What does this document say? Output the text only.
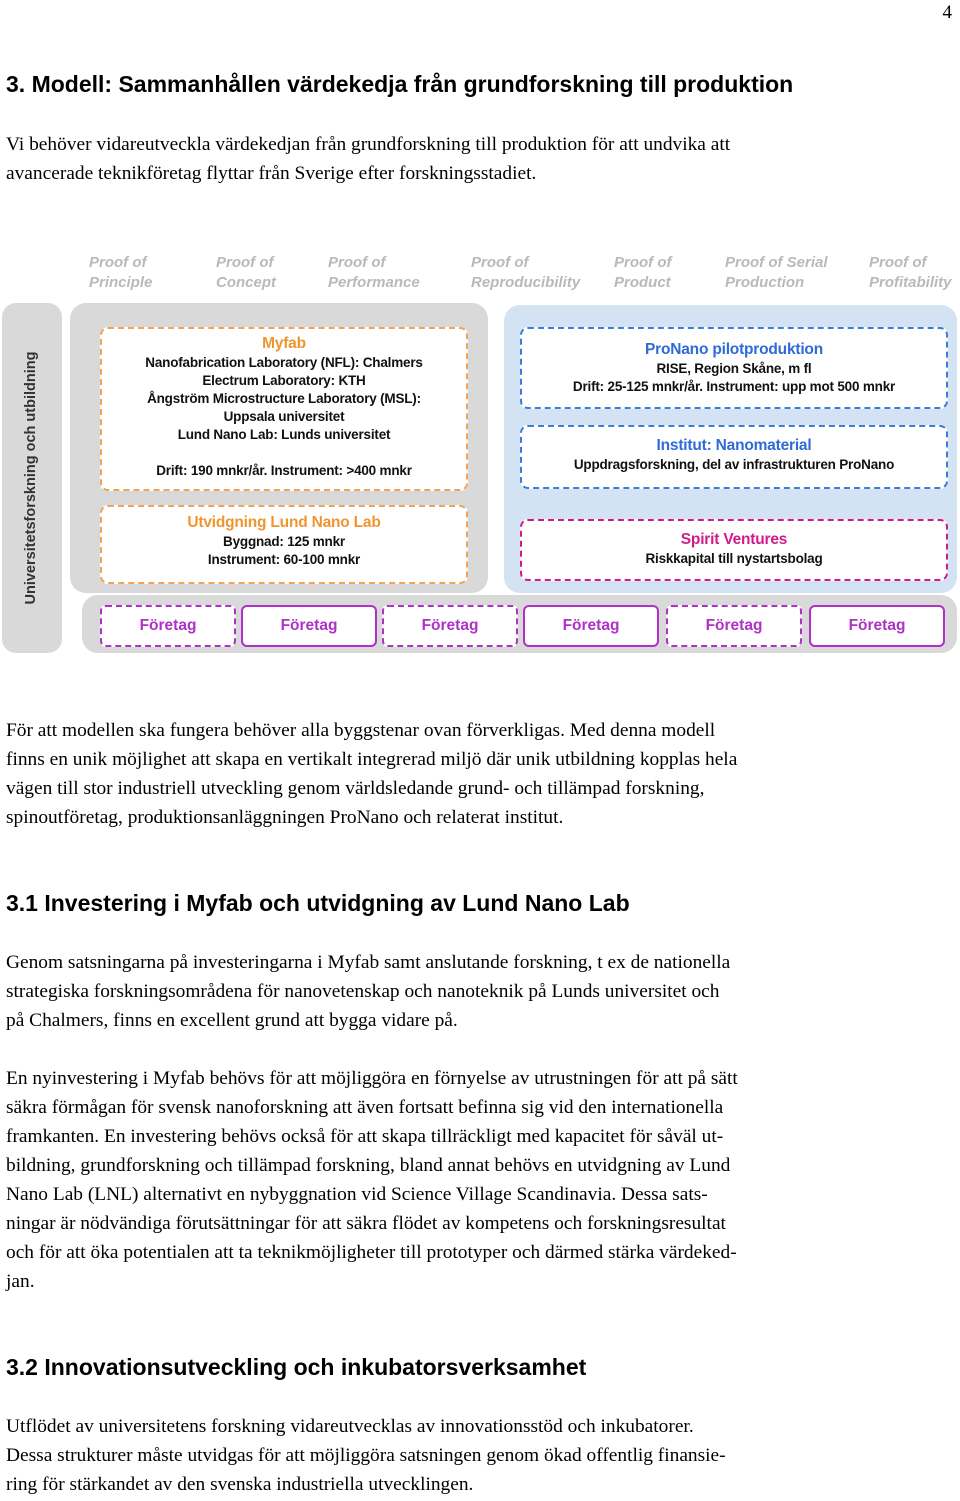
4
3. Modell: Sammanhållen värdekedja från grundforskning till produktion
Vi behöver vidareutveckla värdekedjan från grundforskning till produktion för att undvika att
avancerade teknikföretag flyttar från Sverige efter forskningsstadiet.
Proof of
Principle
Proof of
Concept
Proof of
Performance
Proof of
Reproducibility
Proof of
Product
Proof of Serial
Production
Proof of
Profitability
Universitetsforskning och utbildning
Myfab
Nanofabrication Laboratory (NFL): Chalmers
Electrum Laboratory: KTH
Ångström Microstructure Laboratory (MSL):
Uppsala universitet
Lund Nano Lab: Lunds universitet
Drift: 190 mnkr/år. Instrument: >400 mnkr
Utvidgning Lund Nano Lab
Byggnad: 125 mnkr
Instrument: 60-100 mnkr
ProNano pilotproduktion
RISE, Region Skåne, m fl
Drift: 25-125 mnkr/år. Instrument: upp mot 500 mnkr
Institut: Nanomaterial
Uppdragsforskning, del av infrastrukturen ProNano
Spirit Ventures
Riskkapital till nystartsbolag
Företag	Företag	Företag	Företag	Företag	Företag
För att modellen ska fungera behöver alla byggstenar ovan förverkligas. Med denna modell
finns en unik möjlighet att skapa en vertikalt integrerad miljö där unik utbildning kopplas hela
vägen till stor industriell utveckling genom världsledande grund- och tillämpad forskning,
spinoutföretag, produktionsanläggningen ProNano och relaterat institut.
3.1 Investering i Myfab och utvidgning av Lund Nano Lab
Genom satsningarna på investeringarna i Myfab samt anslutande forskning, t ex de nationella
strategiska forskningsområdena för nanovetenskap och nanoteknik på Lunds universitet och
på Chalmers, finns en excellent grund att bygga vidare på.
En nyinvestering i Myfab behövs för att möjliggöra en förnyelse av utrustningen för att på sätt
säkra förmågan för svensk nanoforskning att även fortsatt befinna sig vid den internationella
framkanten. En investering behövs också för att skapa tillräckligt med kapacitet för såväl ut-
bildning, grundforskning och tillämpad forskning, bland annat behövs en utvidgning av Lund
Nano Lab (LNL) alternativt en nybyggnation vid Science Village Scandinavia. Dessa sats-
ningar är nödvändiga förutsättningar för att säkra flödet av kompetens och forskningsresultat
och för att öka potentialen att ta teknikmöjligheter till prototyper och därmed stärka värdeked-
jan.
3.2 Innovationsutveckling och inkubatorsverksamhet
Utflödet av universitetens forskning vidareutvecklas av innovationsstöd och inkubatorer.
Dessa strukturer måste utvidgas för att möjliggöra satsningen genom ökad offentlig finansie-
ring för stärkandet av den svenska industriella utvecklingen.
